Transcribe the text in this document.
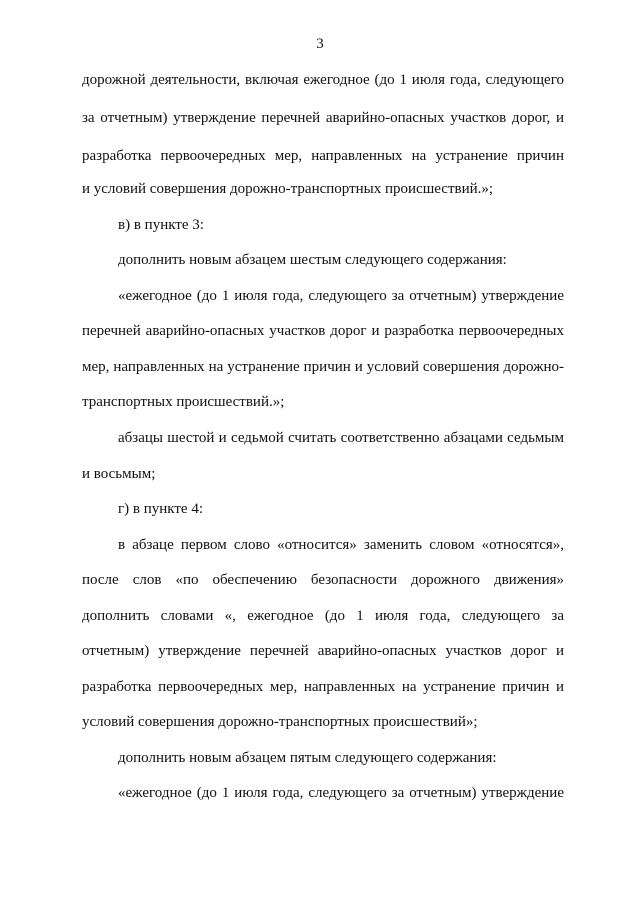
3
дорожной деятельности, включая ежегодное (до 1 июля года, следующего
за отчетным) утверждение перечней аварийно-опасных участков дорог, и
разработка первоочередных мер, направленных на устранение причин
и условий совершения дорожно-транспортных происшествий.»;
в) в пункте 3:
дополнить новым абзацем шестым следующего содержания:
«ежегодное (до 1 июля года, следующего за отчетным) утверждение
перечней аварийно-опасных участков дорог и разработка первоочередных
мер, направленных на устранение причин и условий совершения дорожно-
транспортных происшествий.»;
абзацы шестой и седьмой считать соответственно абзацами седьмым
и восьмым;
г) в пункте 4:
в абзаце первом слово «относится» заменить словом «относятся»,
после слов «по обеспечению безопасности дорожного движения»
дополнить словами «, ежегодное (до 1 июля года, следующего за
отчетным) утверждение перечней аварийно-опасных участков дорог и
разработка первоочередных мер, направленных на устранение причин и
условий совершения дорожно-транспортных происшествий»;
дополнить новым абзацем пятым следующего содержания:
«ежегодное (до 1 июля года, следующего за отчетным) утверждение
